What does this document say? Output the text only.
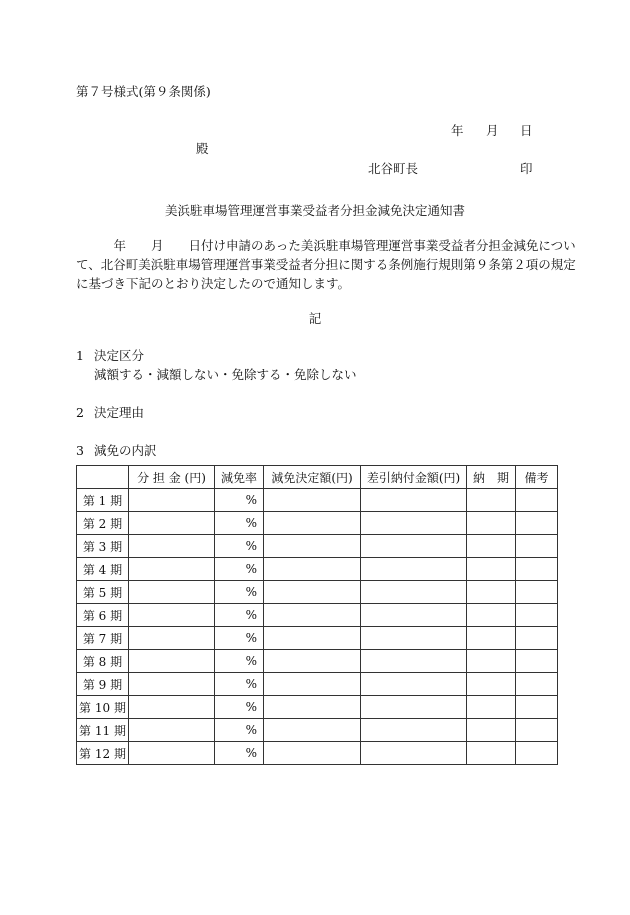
第７号様式(第９条関係)
年 月 日
殿
北谷町長	印
美浜駐車場管理運営事業受益者分担金減免決定通知書
　　　年　　月　　日付け申請のあった美浜駐車場管理運営事業受益者分担金減免につい
て、北谷町美浜駐車場管理運営事業受益者分担に関する条例施行規則第９条第２項の規定
に基づき下記のとおり決定したので通知します。
記
1 決定区分
減額する・減額しない・免除する・免除しない
2 決定理由
3 減免の内訳
	分 担 金 (円)	減免率	減免決定額(円)	差引納付金額(円)	納　期	備考
第 1 期		%				
第 2 期		%				
第 3 期		%				
第 4 期		%				
第 5 期		%				
第 6 期		%				
第 7 期		%				
第 8 期		%				
第 9 期		%				
第 10 期		%				
第 11 期		%				
第 12 期		%				
